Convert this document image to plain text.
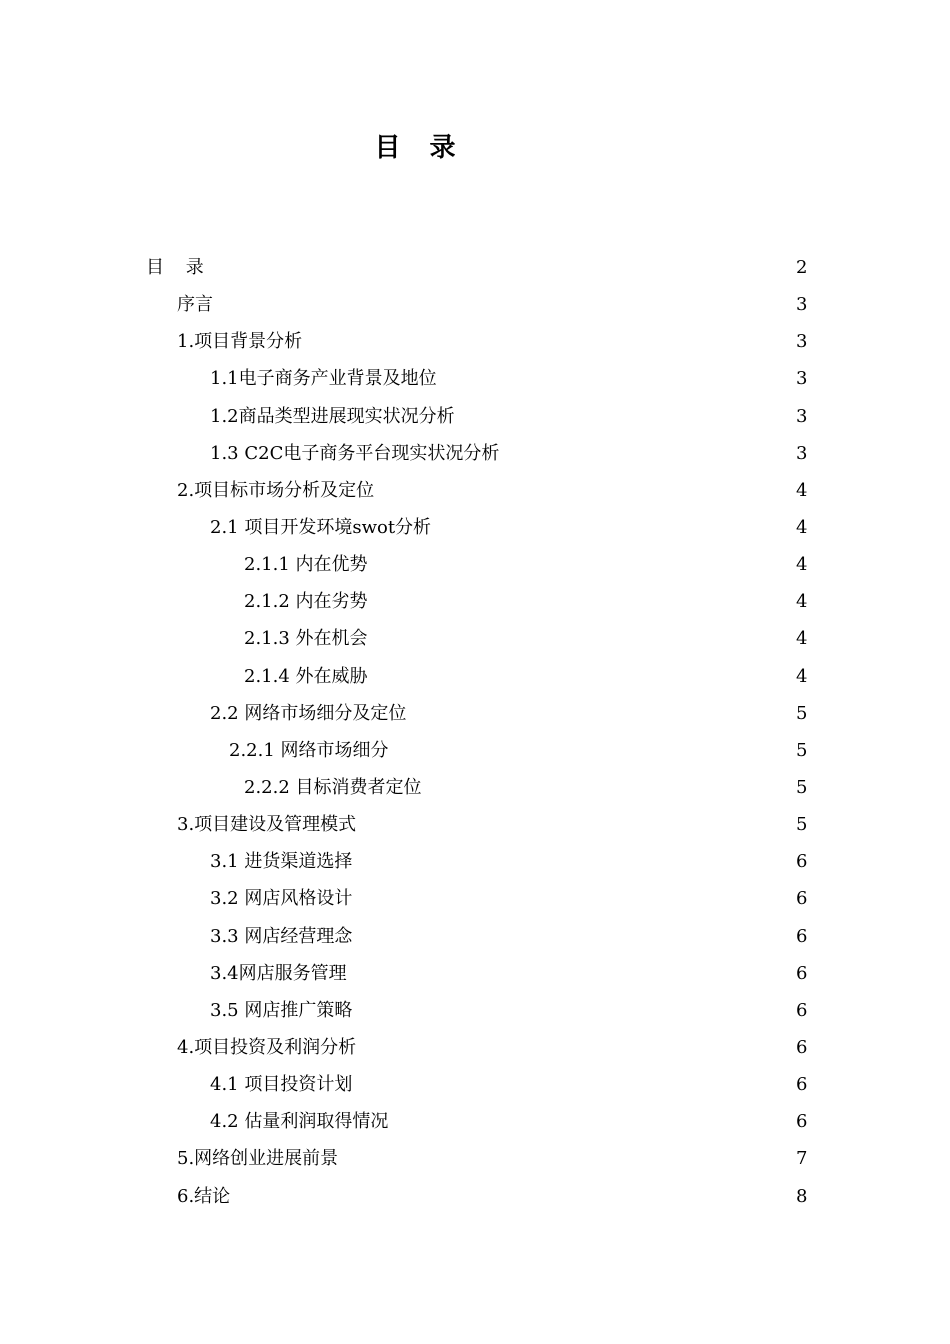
目 录
目 录	2
序言	3
1.项目背景分析	3
1.1电子商务产业背景及地位	3
1.2商品类型进展现实状况分析	3
1.3 C2C电子商务平台现实状况分析	3
2.项目标市场分析及定位	4
2.1 项目开发环境swot分析	4
2.1.1 内在优势	4
2.1.2 内在劣势	4
2.1.3 外在机会	4
2.1.4 外在威胁	4
2.2 网络市场细分及定位	5
2.2.1 网络市场细分	5
2.2.2 目标消费者定位	5
3.项目建设及管理模式	5
3.1 进货渠道选择	6
3.2 网店风格设计	6
3.3 网店经营理念	6
3.4网店服务管理	6
3.5 网店推广策略	6
4.项目投资及利润分析	6
4.1 项目投资计划	6
4.2 估量利润取得情况	6
5.网络创业进展前景	7
6.结论	8
